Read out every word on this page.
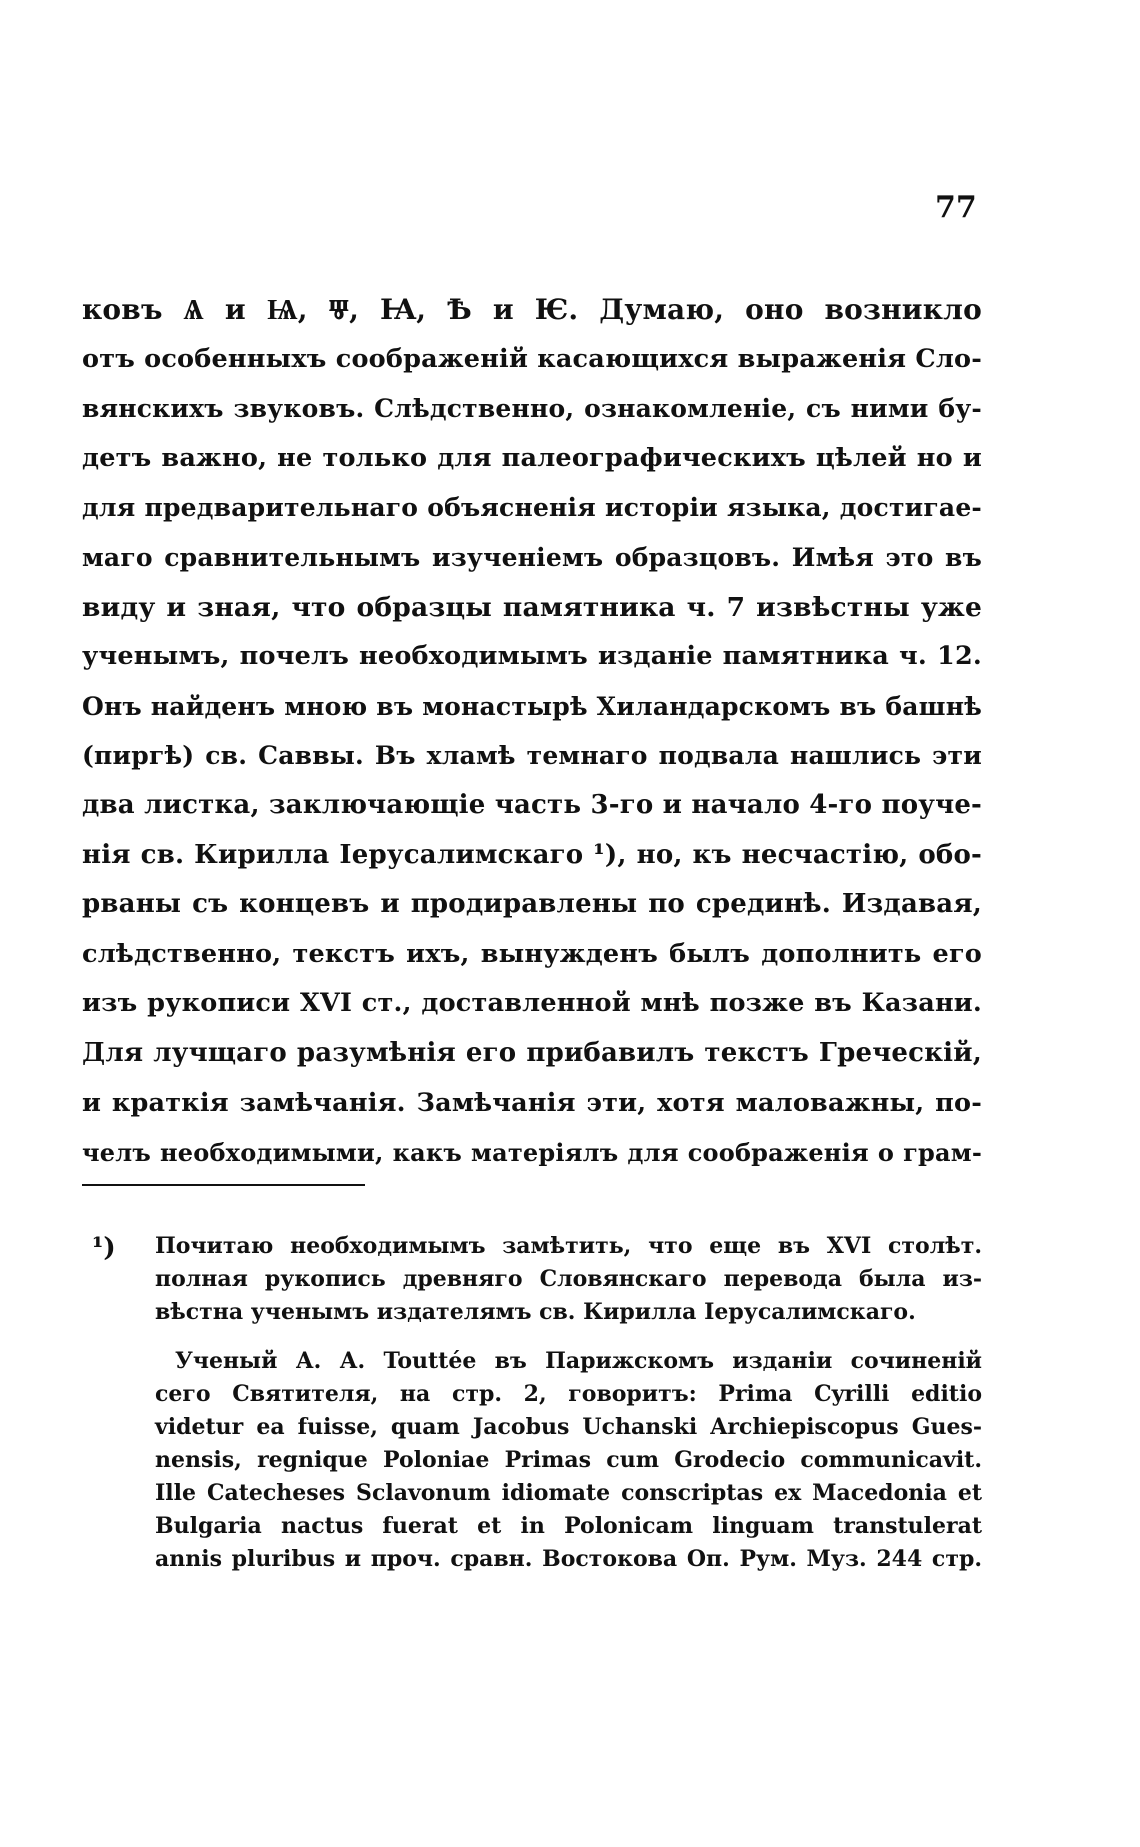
77
ковъ Ѧ и Ѩ, Ⱋ, Ꙗ, Ѣ и Ѥ. Думаю, оно возникло
отъ особенныхъ соображеній касающихся выраженія Сло-
вянскихъ звуковъ. Слѣдственно, ознакомленіе, съ ними бу-
детъ важно, не только для палеографическихъ цѣлей но и
для предварительнаго объясненія исторіи языка, достигае-
маго сравнительнымъ изученіемъ образцовъ. Имѣя это въ
виду и зная, что образцы памятника ч. 7 извѣстны уже
ученымъ, почелъ необходимымъ изданіе памятника ч. 12.
Онъ найденъ мною въ монастырѣ Хиландарскомъ въ башнѣ
(пиргѣ) св. Саввы. Въ хламѣ темнаго подвала нашлись эти
два листка, заключающіе часть 3-го и начало 4-го поуче-
нія св. Кирилла Іерусалимскаго ¹), но, къ несчастію, обо-
рваны съ концевъ и продиравлены по срединѣ. Издавая,
слѣдственно, текстъ ихъ, вынужденъ былъ дополнить его
изъ рукописи XVI ст., доставленной мнѣ позже въ Казани.
Для лучщаго разумѣнія его прибавилъ текстъ Греческій,
и краткія замѣчанія. Замѣчанія эти, хотя маловажны, по-
челъ необходимыми, какъ матеріялъ для соображенія о грам-
¹) Почитаю необходимымъ замѣтить, что еще въ XVI столѣт.
полная рукопись древняго Словянскаго перевода была из-
вѣстна ученымъ издателямъ св. Кирилла Іерусалимскаго.
Ученый А. А. Touttée въ Парижскомъ изданіи сочиненій
сего Святителя, на стр. 2, говоритъ: Prima Cyrilli editio
videtur ea fuisse, quam Jacobus Uchanski Archiepiscopus Gues-
nensis, regnique Poloniae Primas cum Grodecio communicavit.
Ille Catecheses Sclavonum idiomate conscriptas ex Macedonia et
Bulgaria nactus fuerat et in Polonicam linguam transtulerat
annis pluribus и проч. сравн. Востокова Оп. Рум. Муз. 244 стр.
